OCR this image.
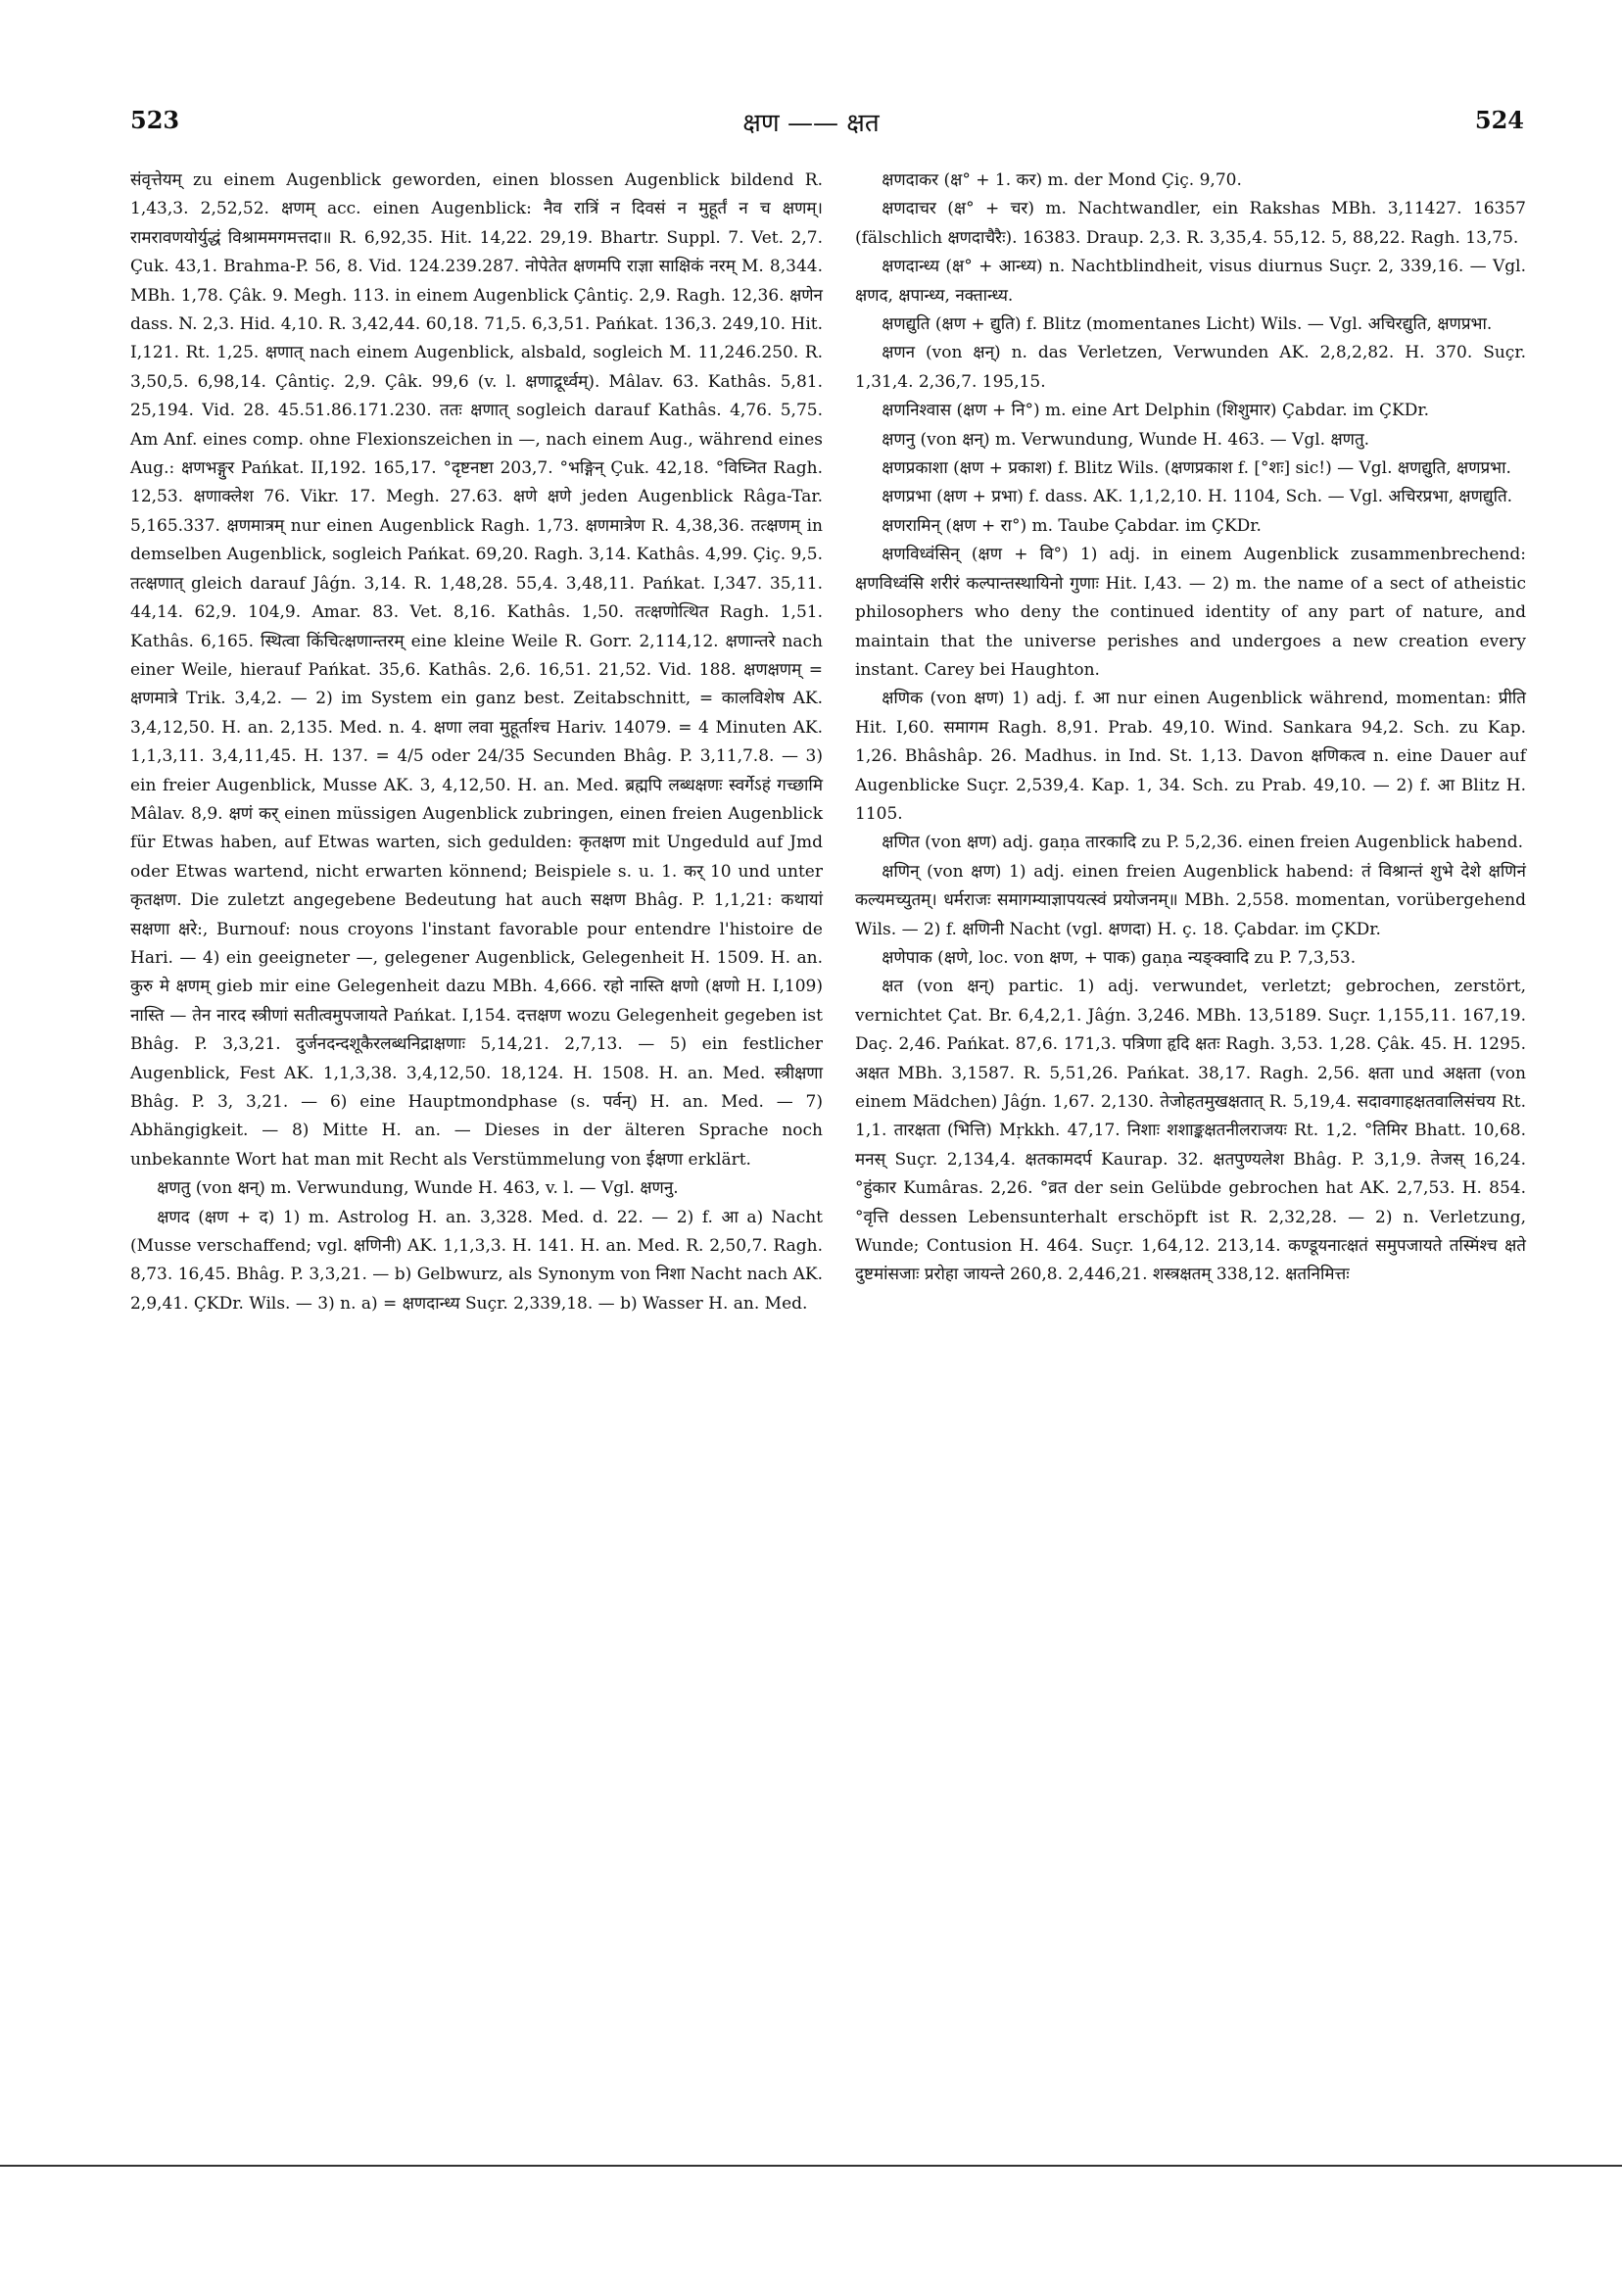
523	क्षण —— क्षत	524

संवृत्तेयम् zu einem Augenblick geworden, einen blossen Augenblick bildend R. 1,43,3. 2,52,52. क्षणम् acc. einen Augenblick: नैव रात्रिं न दिवसं न मुहूर्तं न च क्षणम्। रामरावणयोर्युद्धं विश्राममगमत्तदा॥ R. 6,92,35. Hit. 14,22. 29,19. Bhartr. Suppl. 7. Vet. 2,7. Çuk. 43,1. Brahma-P. 56, 8. Vid. 124.239.287. नोपेतेत क्षणमपि राज्ञा साक्षिकं नरम् M. 8,344. MBh. 1,78. Çâk. 9. Megh. 113. in einem Augenblick Çântiç. 2,9. Ragh. 12,36. क्षणेन dass. N. 2,3. Hid. 4,10. R. 3,42,44. 60,18. 71,5. 6,3,51. Pańkat. 136,3. 249,10. Hit. I,121. Rt. 1,25. क्षणात् nach einem Augenblick, alsbald, sogleich M. 11,246.250. R. 3,50,5. 6,98,14. Çântiç. 2,9. Çâk. 99,6 (v. l. क्षणाद्रूर्ध्वम्). Mâlav. 63. Kathâs. 5,81. 25,194. Vid. 28. 45.51.86.171.230. ततः क्षणात् sogleich darauf Kathâs. 4,76. 5,75. Am Anf. eines comp. ohne Flexionszeichen in —, nach einem Aug., während eines Aug.: क्षणभङ्गुर Pańkat. II,192. 165,17. °दृष्टनष्टा 203,7. °भङ्गिन् Çuk. 42,18. °विघ्नित Ragh. 12,53. क्षणाक्लेश 76. Vikr. 17. Megh. 27.63. क्षणे क्षणे jeden Augenblick Râga-Tar. 5,165.337. क्षणमात्रम् nur einen Augenblick Ragh. 1,73. क्षणमात्रेण R. 4,38,36. तत्क्षणम् in demselben Augenblick, sogleich Pańkat. 69,20. Ragh. 3,14. Kathâs. 4,99. Çiç. 9,5. तत्क्षणात् gleich darauf Jâǵn. 3,14. R. 1,48,28. 55,4. 3,48,11. Pańkat. I,347. 35,11. 44,14. 62,9. 104,9. Amar. 83. Vet. 8,16. Kathâs. 1,50. तत्क्षणोत्थित Ragh. 1,51. Kathâs. 6,165. स्थित्वा किंचित्क्षणान्तरम् eine kleine Weile R. Gorr. 2,114,12. क्षणान्तरे nach einer Weile, hierauf Pańkat. 35,6. Kathâs. 2,6. 16,51. 21,52. Vid. 188. क्षणक्षणम् = क्षणमात्रे Trik. 3,4,2. — 2) im System ein ganz best. Zeitabschnitt, = कालविशेष AK. 3,4,12,50. H. an. 2,135. Med. n. 4. क्षणा लवा मुहूर्ताश्च Hariv. 14079. = 4 Minuten AK. 1,1,3,11. 3,4,11,45. H. 137. = 4/5 oder 24/35 Secunden Bhâg. P. 3,11,7.8. — 3) ein freier Augenblick, Musse AK. 3, 4,12,50. H. an. Med. ब्रह्मपि लब्धक्षणः स्वर्गेऽहं गच्छामि Mâlav. 8,9. क्षणं कर् einen müssigen Augenblick zubringen, einen freien Augenblick für Etwas haben, auf Etwas warten, sich gedulden: कृतक्षण mit Ungeduld auf Jmd oder Etwas wartend, nicht erwarten könnend; Beispiele s. u. 1. कर् 10 und unter कृतक्षण. Die zuletzt angegebene Bedeutung hat auch सक्षण Bhâg. P. 1,1,21: कथायां सक्षणा क्षरे:, Burnouf: nous croyons l'instant favorable pour entendre l'histoire de Hari. — 4) ein geeigneter —, gelegener Augenblick, Gelegenheit H. 1509. H. an. कुरु मे क्षणम् gieb mir eine Gelegenheit dazu MBh. 4,666. रहो नास्ति क्षणो (क्षणो H. I,109) नास्ति — तेन नारद स्त्रीणां सतीत्वमुपजायते Pańkat. I,154. दत्तक्षण wozu Gelegenheit gegeben ist Bhâg. P. 3,3,21. दुर्जनदन्दशूकैरलब्धनिद्राक्षणाः 5,14,21. 2,7,13. — 5) ein festlicher Augenblick, Fest AK. 1,1,3,38. 3,4,12,50. 18,124. H. 1508. H. an. Med. स्त्रीक्षणा Bhâg. P. 3, 3,21. — 6) eine Hauptmondphase (s. पर्वन्) H. an. Med. — 7) Abhängigkeit. — 8) Mitte H. an. — Dieses in der älteren Sprache noch unbekannte Wort hat man mit Recht als Verstümmelung von ईक्षणा erklärt.

क्षणतु (von क्षन्) m. Verwundung, Wunde H. 463, v. l. — Vgl. क्षणनु.

क्षणद (क्षण + द) 1) m. Astrolog H. an. 3,328. Med. d. 22. — 2) f. आ a) Nacht (Musse verschaffend; vgl. क्षणिनी) AK. 1,1,3,3. H. 141. H. an. Med. R. 2,50,7. Ragh. 8,73. 16,45. Bhâg. P. 3,3,21. — b) Gelbwurz, als Synonym von निशा Nacht nach AK. 2,9,41. ÇKDr. Wils. — 3) n. a) = क्षणदान्ध्य Suçr. 2,339,18. — b) Wasser H. an. Med.

क्षणदाकर (क्ष° + 1. कर) m. der Mond Çiç. 9,70.

क्षणदाचर (क्ष° + चर) m. Nachtwandler, ein Rakshas MBh. 3,11427. 16357 (fälschlich क्षणदाचैरैः). 16383. Draup. 2,3. R. 3,35,4. 55,12. 5, 88,22. Ragh. 13,75.

क्षणदान्ध्य (क्ष° + आन्ध्य) n. Nachtblindheit, visus diurnus Suçr. 2, 339,16. — Vgl. क्षणद, क्षपान्ध्य, नक्तान्ध्य.

क्षणद्युति (क्षण + द्युति) f. Blitz (momentanes Licht) Wils. — Vgl. अचिरद्युति, क्षणप्रभा.

क्षणन (von क्षन्) n. das Verletzen, Verwunden AK. 2,8,2,82. H. 370. Suçr. 1,31,4. 2,36,7. 195,15.

क्षणनिश्वास (क्षण + नि°) m. eine Art Delphin (शिशुमार) Çabdar. im ÇKDr.

क्षणनु (von क्षन्) m. Verwundung, Wunde H. 463. — Vgl. क्षणतु.

क्षणप्रकाशा (क्षण + प्रकाश) f. Blitz Wils. (क्षणप्रकाश f. [°शः] sic!) — Vgl. क्षणद्युति, क्षणप्रभा.

क्षणप्रभा (क्षण + प्रभा) f. dass. AK. 1,1,2,10. H. 1104, Sch. — Vgl. अचिरप्रभा, क्षणद्युति.

क्षणरामिन् (क्षण + रा°) m. Taube Çabdar. im ÇKDr.

क्षणविध्वंसिन् (क्षण + वि°) 1) adj. in einem Augenblick zusammenbrechend: क्षणविध्वंसि शरीरं कल्पान्तस्थायिनो गुणाः Hit. I,43. — 2) m. the name of a sect of atheistic philosophers who deny the continued identity of any part of nature, and maintain that the universe perishes and undergoes a new creation every instant. Carey bei Haughton.

क्षणिक (von क्षण) 1) adj. f. आ nur einen Augenblick während, momentan: प्रीति Hit. I,60. समागम Ragh. 8,91. Prab. 49,10. Wind. Sankara 94,2. Sch. zu Kap. 1,26. Bhâshâp. 26. Madhus. in Ind. St. 1,13. Davon क्षणिकत्व n. eine Dauer auf Augenblicke Suçr. 2,539,4. Kap. 1, 34. Sch. zu Prab. 49,10. — 2) f. आ Blitz H. 1105.

क्षणित (von क्षण) adj. gaṇa तारकादि zu P. 5,2,36. einen freien Augenblick habend.

क्षणिन् (von क्षण) 1) adj. einen freien Augenblick habend: तं विश्रान्तं शुभे देशे क्षणिनं कल्यमच्युतम्। धर्मराजः समागम्याज्ञापयत्स्वं प्रयोजनम्॥ MBh. 2,558. momentan, vorübergehend Wils. — 2) f. क्षणिनी Nacht (vgl. क्षणदा) H. ç. 18. Çabdar. im ÇKDr.

क्षणेपाक (क्षणे, loc. von क्षण, + पाक) gaṇa न्यङ्क्वादि zu P. 7,3,53.

क्षत (von क्षन्) partic. 1) adj. verwundet, verletzt; gebrochen, zerstört, vernichtet Çat. Br. 6,4,2,1. Jâǵn. 3,246. MBh. 13,5189. Suçr. 1,155,11. 167,19. Daç. 2,46. Pańkat. 87,6. 171,3. पत्रिणा हृदि क्षतः Ragh. 3,53. 1,28. Çâk. 45. H. 1295. अक्षत MBh. 3,1587. R. 5,51,26. Pańkat. 38,17. Ragh. 2,56. क्षता und अक्षता (von einem Mädchen) Jâǵn. 1,67. 2,130. तेजोहतमुखक्षतात् R. 5,19,4. सदावगाहक्षतवालिसंचय Rt. 1,1. तारक्षता (भित्ति) Mṛkkh. 47,17. निशाः शशाङ्कक्षतनीलराजयः Rt. 1,2. °तिमिर Bhatt. 10,68. मनस् Suçr. 2,134,4. क्षतकामदर्प Kaurap. 32. क्षतपुण्यलेश Bhâg. P. 3,1,9. तेजस् 16,24. °हुंकार Kumâras. 2,26. °व्रत der sein Gelübde gebrochen hat AK. 2,7,53. H. 854. °वृत्ति dessen Lebensunterhalt erschöpft ist R. 2,32,28. — 2) n. Verletzung, Wunde; Contusion H. 464. Suçr. 1,64,12. 213,14. कण्डूयनात्क्षतं समुपजायते तस्मिंश्च क्षते दुष्टमांसजाः प्ररोहा जायन्ते 260,8. 2,446,21. शस्त्रक्षतम् 338,12. क्षतनिमित्तः
